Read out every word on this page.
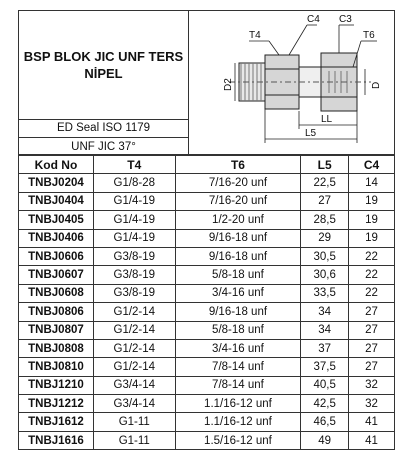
BSP BLOK JIC UNF TERS
NİPEL
ED Seal ISO 1179
UNF JIC 37°
T4
C4 C3
T6
D2	D
LL
L5
Kod No	T4	T6	L5	C4
TNBJ0204	G1/8-28	7/16-20 unf	22,5	14
TNBJ0404	G1/4-19	7/16-20 unf	27	19
TNBJ0405	G1/4-19	1/2-20 unf	28,5	19
TNBJ0406	G1/4-19	9/16-18 unf	29	19
TNBJ0606	G3/8-19	9/16-18 unf	30,5	22
TNBJ0607	G3/8-19	5/8-18 unf	30,6	22
TNBJ0608	G3/8-19	3/4-16 unf	33,5	22
TNBJ0806	G1/2-14	9/16-18 unf	34	27
TNBJ0807	G1/2-14	5/8-18 unf	34	27
TNBJ0808	G1/2-14	3/4-16 unf	37	27
TNBJ0810	G1/2-14	7/8-14 unf	37,5	27
TNBJ1210	G3/4-14	7/8-14 unf	40,5	32
TNBJ1212	G3/4-14	1.1/16-12 unf	42,5	32
TNBJ1612	G1-11	1.1/16-12 unf	46,5	41
TNBJ1616	G1-11	1.5/16-12 unf	49	41
